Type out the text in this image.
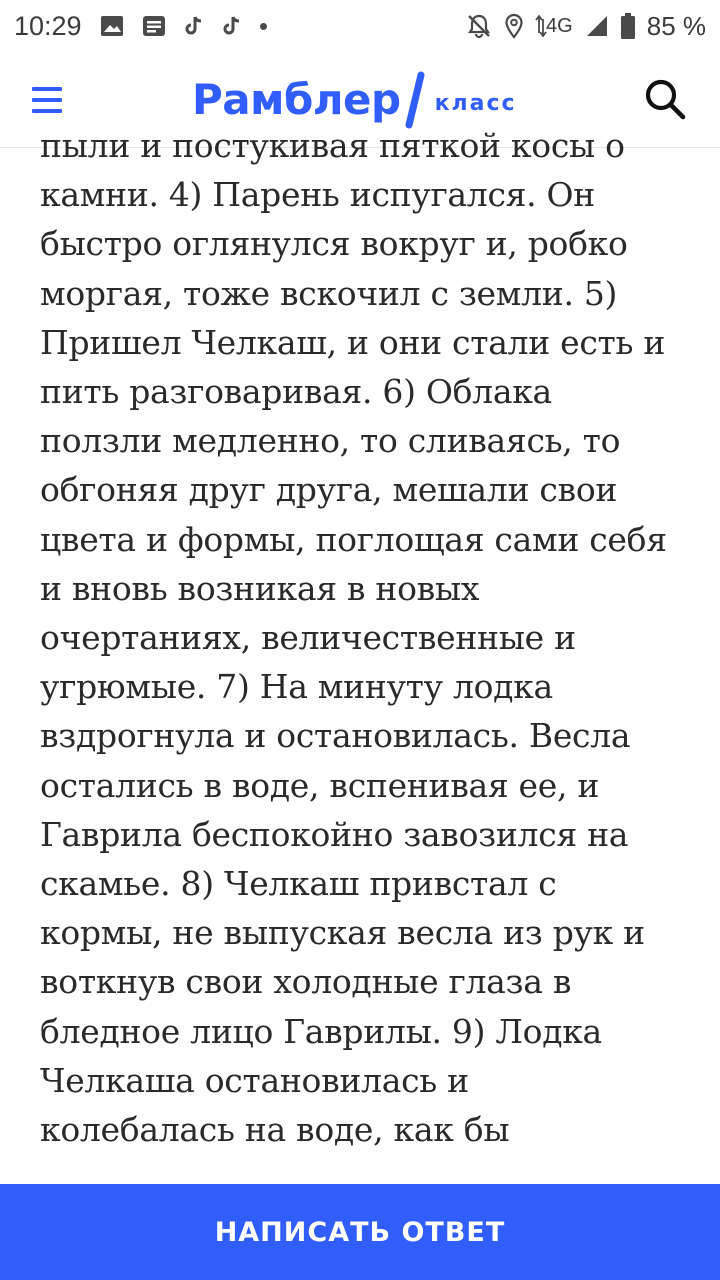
10:29	4G	85 %
Рамблер класс
пыли и постукивая пяткой косы о
камни. 4) Парень испугался. Он
быстро оглянулся вокруг и, робко
моргая, тоже вскочил с земли. 5)
Пришел Челкаш, и они стали есть и
пить разговаривая. 6) Облака
ползли медленно, то сливаясь, то
обгоняя друг друга, мешали свои
цвета и формы, поглощая сами себя
и вновь возникая в новых
очертаниях, величественные и
угрюмые. 7) На минуту лодка
вздрогнула и остановилась. Весла
остались в воде, вспенивая ее, и
Гаврила беспокойно завозился на
скамье. 8) Челкаш привстал с
кормы, не выпуская весла из рук и
воткнув свои холодные глаза в
бледное лицо Гаврилы. 9) Лодка
Челкаша остановилась и
колебалась на воде, как бы
НАПИСАТЬ ОТВЕТ
